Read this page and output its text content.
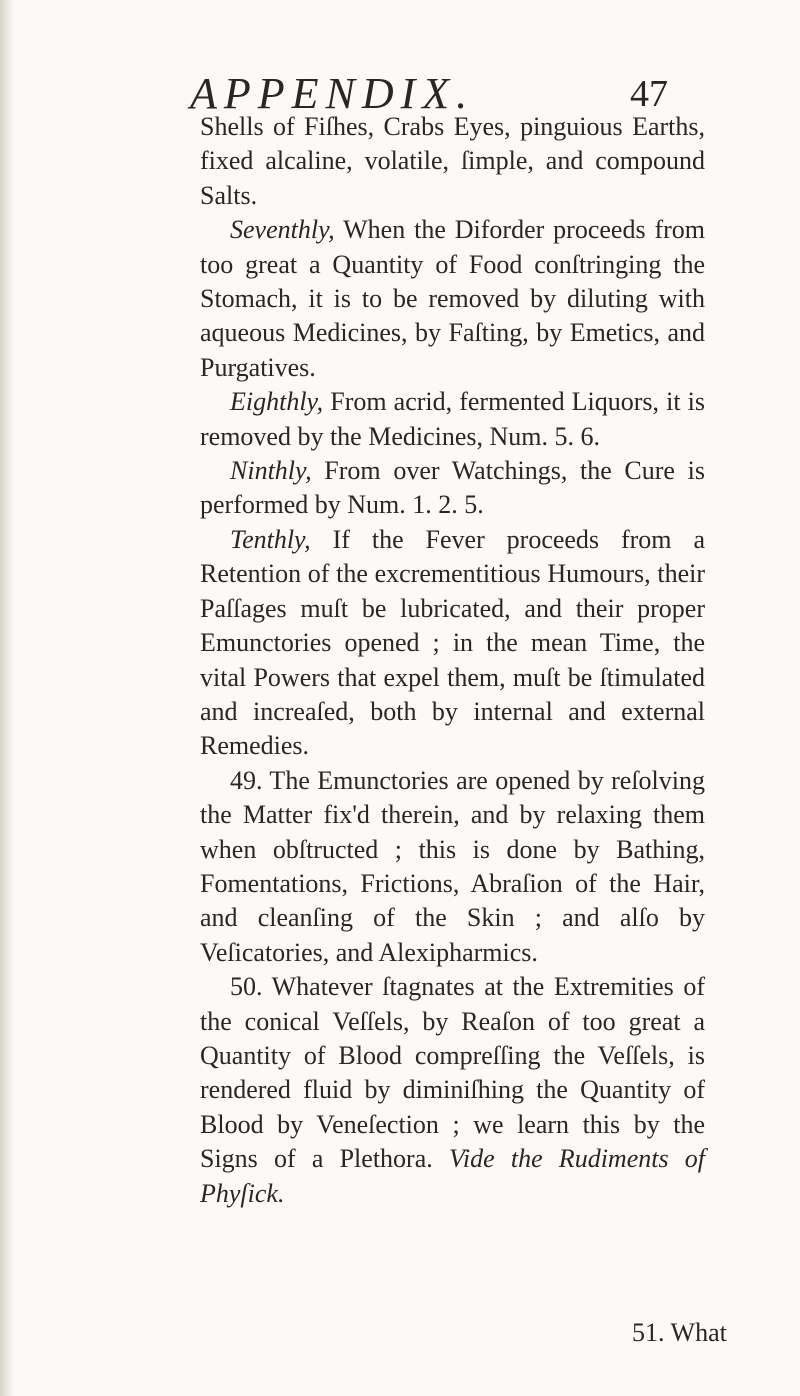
APPENDIX.	47

Shells of Fiſhes, Crabs Eyes, pinguious Earths, fixed alcaline, volatile, ſimple, and compound Salts.

Seventhly, When the Diforder proceeds from too great a Quantity of Food conſtringing the Stomach, it is to be removed by diluting with aqueous Medicines, by Faſting, by Emetics, and Purgatives.

Eighthly, From acrid, fermented Liquors, it is removed by the Medicines, Num. 5. 6.

Ninthly, From over Watchings, the Cure is performed by Num. 1. 2. 5.

Tenthly, If the Fever proceeds from a Retention of the excrementitious Humours, their Paſſages muſt be lubricated, and their proper Emunctories opened ; in the mean Time, the vital Powers that expel them, muſt be ſtimulated and increaſed, both by internal and external Remedies.

49. The Emunctories are opened by reſolving the Matter fix'd therein, and by relaxing them when obſtructed ; this is done by Bathing, Fomentations, Frictions, Abraſion of the Hair, and cleanſing of the Skin ; and alſo by Veſicatories, and Alexipharmics.

50. Whatever ſtagnates at the Extremities of the conical Veſſels, by Reaſon of too great a Quantity of Blood compreſſing the Veſſels, is rendered fluid by diminiſhing the Quantity of Blood by Veneſection ; we learn this by the Signs of a Plethora. Vide the Rudiments of Phyſick.

51. What
